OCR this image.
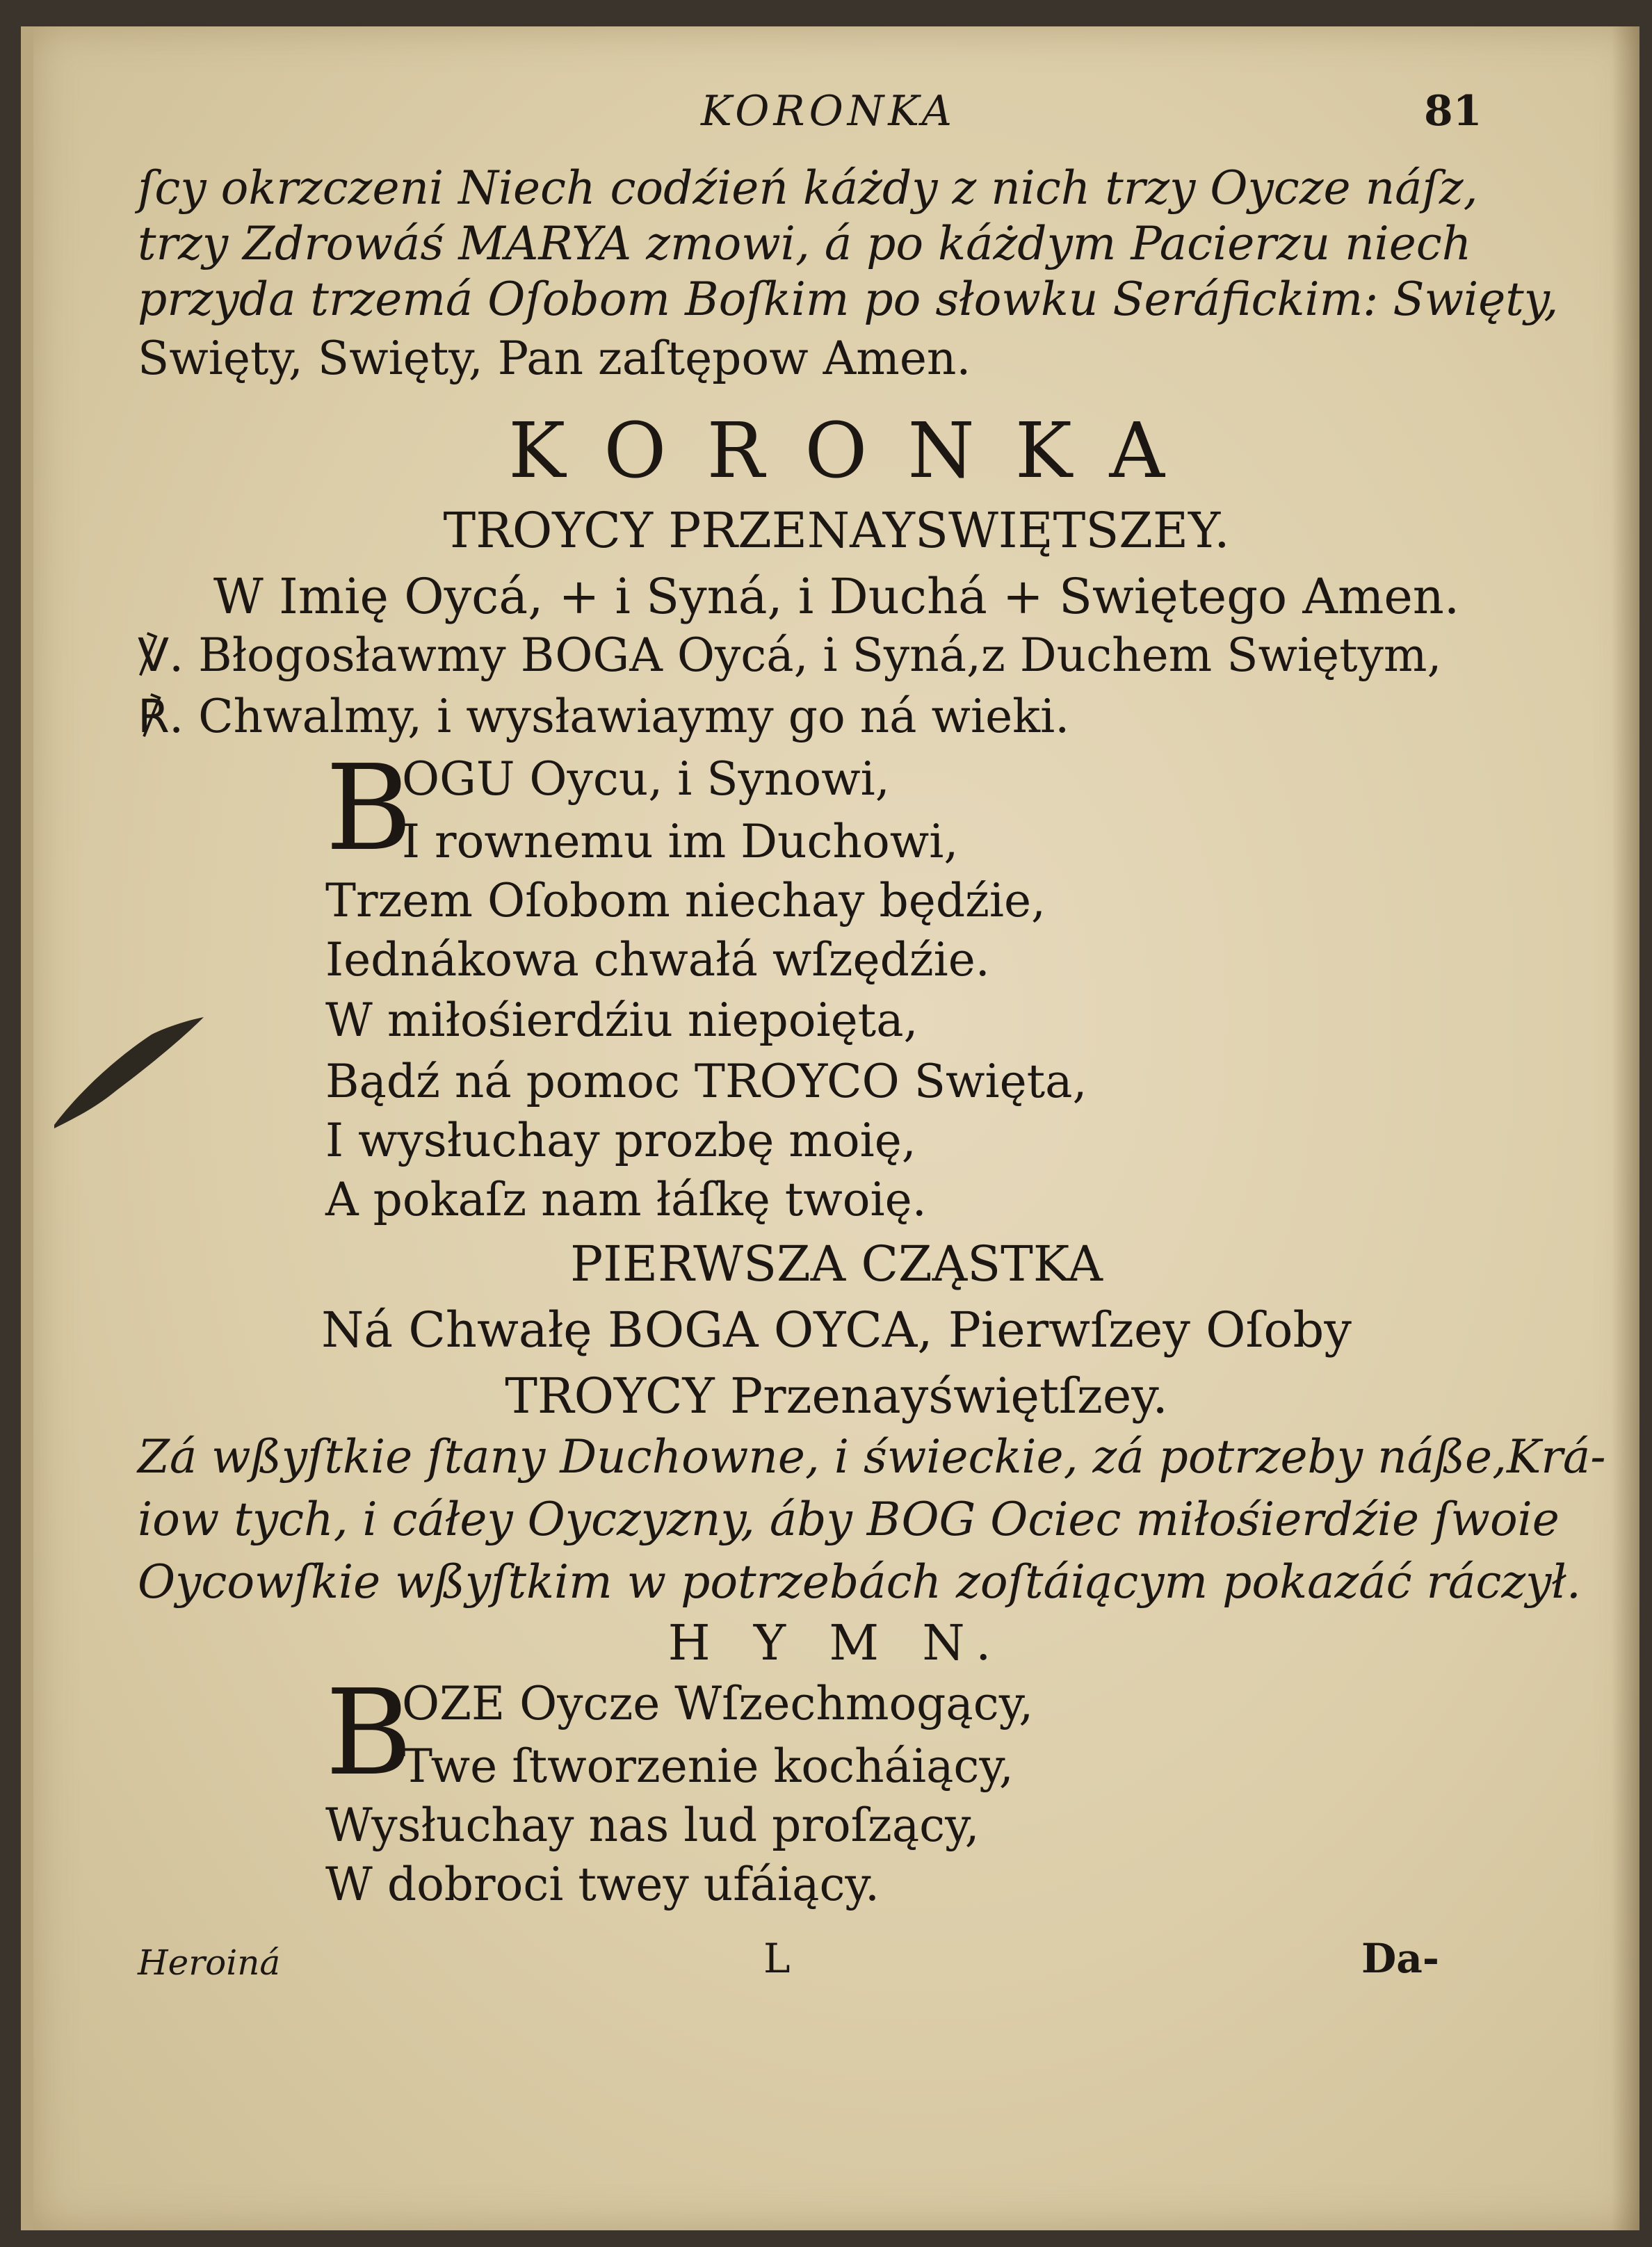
KORONKA	81
ſcy okrzczeni Niech codźień káżdy z nich trzy Oycze náſz,
trzy Zdrowáś MARYA zmowi, á po káżdym Pacierzu niech
przyda trzemá Oſobom Boſkim po słowku Seráfickim: Swięty,
Swięty, Swięty, Pan zaſtępow Amen.
KORONKA
TROYCY PRZENAYSWIĘTSZEY.
W Imię Oycá, + i Syná, i Duchá + Swiętego Amen.
℣. Błogosławmy BOGA Oycá, i Syná,z Duchem Swiętym,
℟. Chwalmy, i wysławiaymy go ná wieki.
B
OGU Oycu, i Synowi,
I rownemu im Duchowi,
Trzem Oſobom niechay będźie,
Iednákowa chwałá wſzędźie.
W miłośierdźiu niepoięta,
Bądź ná pomoc TROYCO Swięta,
I wysłuchay prozbę moię,
A pokaſz nam łáſkę twoię.
PIERWSZA CZĄSTKA
Ná Chwałę BOGA OYCA, Pierwſzey Oſoby
TROYCY Przenayświętſzey.
Zá wßyſtkie ſtany Duchowne, i świeckie, zá potrzeby náße,Krá-
iow tych, i cáłey Oyczyzny, áby BOG Ociec miłośierdźie ſwoie
Oycowſkie wßyſtkim w potrzebách zoſtáiącym pokazáć ráczył.
H Y M N.
B
OZE Oycze Wſzechmogący,
Twe ſtworzenie kocháiący,
Wysłuchay nas lud proſzący,
W dobroci twey ufáiący.
Heroiná	L	Da-
